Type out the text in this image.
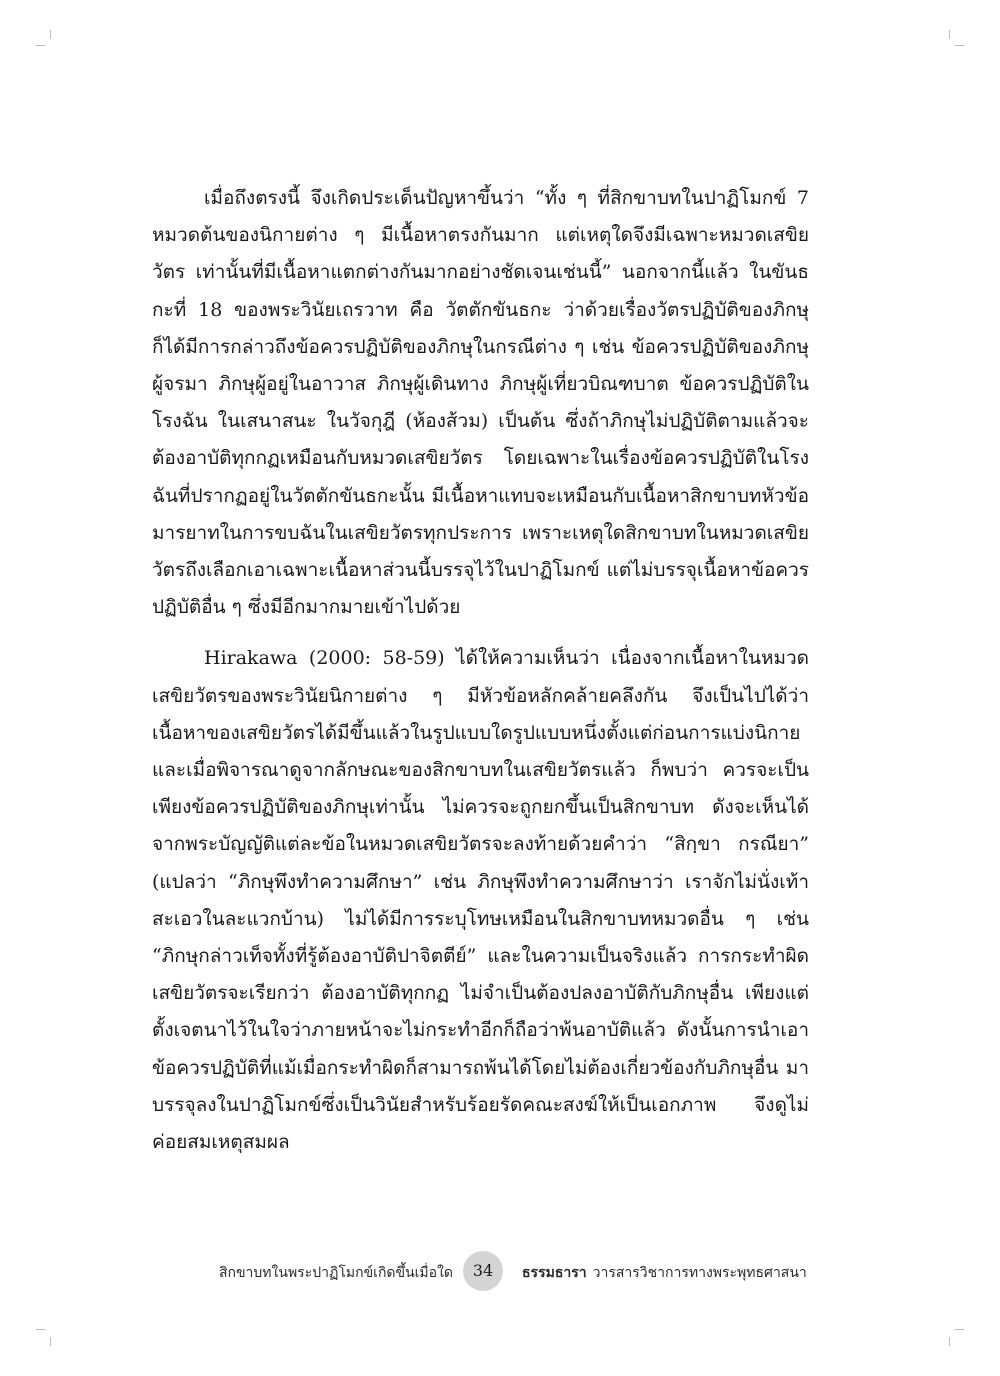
เมื่อถึงตรงนี้ จึงเกิดประเด็นปัญหาขึ้นว่า “ทั้ง ๆ ที่สิกขาบทในปาฏิโมกข์ 7 หมวดต้นของนิกายต่าง ๆ มีเนื้อหาตรงกันมาก แต่เหตุใดจึงมีเฉพาะหมวดเสขิยวัตร เท่านั้นที่มีเนื้อหาแตกต่างกันมากอย่างชัดเจนเช่นนี้” นอกจากนี้แล้ว ในขันธกะที่ 18 ของพระวินัยเถรวาท คือ วัตตักขันธกะ ว่าด้วยเรื่องวัตรปฏิบัติของภิกษุ ก็ได้มีการกล่าวถึงข้อควรปฏิบัติของภิกษุในกรณีต่าง ๆ เช่น ข้อควรปฏิบัติของภิกษุผู้จรมา ภิกษุผู้อยู่ในอาวาส ภิกษุผู้เดินทาง ภิกษุผู้เที่ยวบิณฑบาต ข้อควรปฏิบัติในโรงฉัน ในเสนาสนะ ในวัจกุฎี (ห้องส้วม) เป็นต้น ซึ่งถ้าภิกษุไม่ปฏิบัติตามแล้วจะต้องอาบัติทุกกฏเหมือนกับหมวดเสขิยวัตร โดยเฉพาะในเรื่องข้อควรปฏิบัติในโรงฉันที่ปรากฏอยู่ในวัตตักขันธกะนั้น มีเนื้อหาแทบจะเหมือนกับเนื้อหาสิกขาบทหัวข้อมารยาทในการขบฉันในเสขิยวัตรทุกประการ เพราะเหตุใดสิกขาบทในหมวดเสขิยวัตรถึงเลือกเอาเฉพาะเนื้อหาส่วนนี้บรรจุไว้ในปาฏิโมกข์ แต่ไม่บรรจุเนื้อหาข้อควรปฏิบัติอื่น ๆ ซึ่งมีอีกมากมายเข้าไปด้วย

Hirakawa (2000: 58-59) ได้ให้ความเห็นว่า เนื่องจากเนื้อหาในหมวดเสขิยวัตรของพระวินัยนิกายต่าง ๆ มีหัวข้อหลักคล้ายคลึงกัน จึงเป็นไปได้ว่า เนื้อหาของเสขิยวัตรได้มีขึ้นแล้วในรูปแบบใดรูปแบบหนึ่งตั้งแต่ก่อนการแบ่งนิกาย และเมื่อพิจารณาดูจากลักษณะของสิกขาบทในเสขิยวัตรแล้ว ก็พบว่า ควรจะเป็นเพียงข้อควรปฏิบัติของภิกษุเท่านั้น ไม่ควรจะถูกยกขึ้นเป็นสิกขาบท ดังจะเห็นได้จากพระบัญญัติแต่ละข้อในหมวดเสขิยวัตรจะลงท้ายด้วยคำว่า “สิกฺขา กรณียา” (แปลว่า “ภิกษุพึงทำความศึกษา” เช่น ภิกษุพึงทำความศึกษาว่า เราจักไม่นั่งเท้าสะเอวในละแวกบ้าน) ไม่ได้มีการระบุโทษเหมือนในสิกขาบทหมวดอื่น ๆ เช่น “ภิกษุกล่าวเท็จทั้งที่รู้ต้องอาบัติปาจิตตีย์” และในความเป็นจริงแล้ว การกระทำผิดเสขิยวัตรจะเรียกว่า ต้องอาบัติทุกกฏ ไม่จำเป็นต้องปลงอาบัติกับภิกษุอื่น เพียงแต่ตั้งเจตนาไว้ในใจว่าภายหน้าจะไม่กระทำอีกก็ถือว่าพ้นอาบัติแล้ว ดังนั้นการนำเอาข้อควรปฏิบัติที่แม้เมื่อกระทำผิดก็สามารถพ้นได้โดยไม่ต้องเกี่ยวข้องกับภิกษุอื่น มาบรรจุลงในปาฏิโมกข์ซึ่งเป็นวินัยสำหรับร้อยรัดคณะสงฆ์ให้เป็นเอกภาพ จึงดูไม่ค่อยสมเหตุสมผล

สิกขาบทในพระปาฏิโมกข์เกิดขึ้นเมื่อใด	34	ธรรมธารา วารสารวิชาการทางพระพุทธศาสนา
